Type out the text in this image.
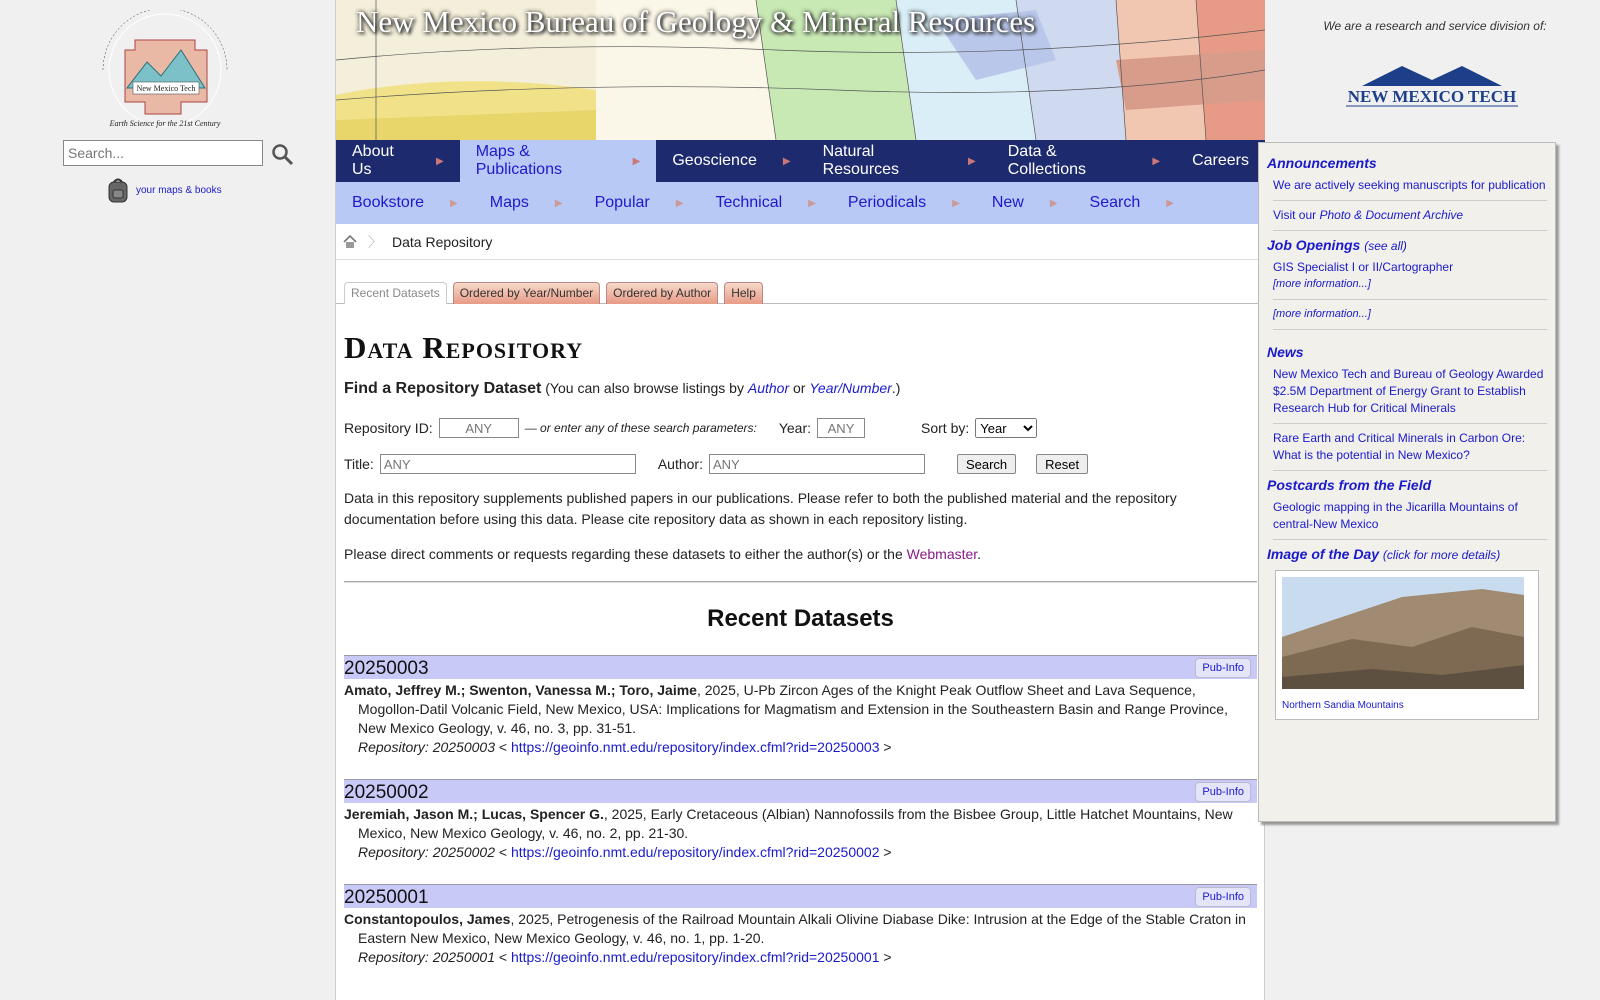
New Mexico Tech
Earth Science for the 21st Century
Search...
your maps & books
New Mexico Bureau of Geology & Mineral Resources
About Us	▶
Maps & Publications	▶ Geoscience	▶
Natural Resources	▶
Data & Collections	▶ Careers
Bookstore	▶ Maps	▶ Popular	▶ Technical	▶ Periodicals	▶ New	▶ Search	▶
〉 Data Repository
Recent Datasets	Ordered by Year/Number	Ordered by Author	Help
Data Repository
Find a Repository Dataset (You can also browse listings by Author or Year/Number.)
Repository ID:
ANY	— or enter any of these search parameters: Year:
ANY	Sort by:
Year
Title:
ANY	Author:
ANY	Search	Reset

Data in this repository supplements published papers in our publications. Please refer to both the published material and the repository documentation before using this data. Please cite repository data as shown in each repository listing.

Please direct comments or requests regarding these datasets to either the author(s) or the Webmaster.

Recent Datasets
20250003	Pub-Info
Amato, Jeffrey M.; Swenton, Vanessa M.; Toro, Jaime, 2025, U-Pb Zircon Ages of the Knight Peak Outflow Sheet and Lava Sequence, Mogollon-Datil Volcanic Field, New Mexico, USA: Implications for Magmatism and Extension in the Southeastern Basin and Range Province, New Mexico Geology, v. 46, no. 3, pp. 31-51.
Repository: 20250003 < https://geoinfo.nmt.edu/repository/index.cfml?rid=20250003 >
20250002	Pub-Info
Jeremiah, Jason M.; Lucas, Spencer G., 2025, Early Cretaceous (Albian) Nannofossils from the Bisbee Group, Little Hatchet Mountains, New Mexico, New Mexico Geology, v. 46, no. 2, pp. 21-30.
Repository: 20250002 < https://geoinfo.nmt.edu/repository/index.cfml?rid=20250002 >
20250001	Pub-Info
Constantopoulos, James, 2025, Petrogenesis of the Railroad Mountain Alkali Olivine Diabase Dike: Intrusion at the Edge of the Stable Craton in Eastern New Mexico, New Mexico Geology, v. 46, no. 1, pp. 1-20.
Repository: 20250001 < https://geoinfo.nmt.edu/repository/index.cfml?rid=20250001 >
We are a research and service division of:
NEW MEXICO TECH
Announcements
We are actively seeking manuscripts for publication
Visit our Photo & Document Archive
Job Openings (see all)
GIS Specialist I or II/Cartographer
[more information...]
[more information...]
News
New Mexico Tech and Bureau of Geology Awarded $2.5M Department of Energy Grant to Establish Research Hub for Critical Minerals
Rare Earth and Critical Minerals in Carbon Ore: What is the potential in New Mexico?
Postcards from the Field
Geologic mapping in the Jicarilla Mountains of central-New Mexico
Image of the Day (click for more details)
Northern Sandia Mountains
